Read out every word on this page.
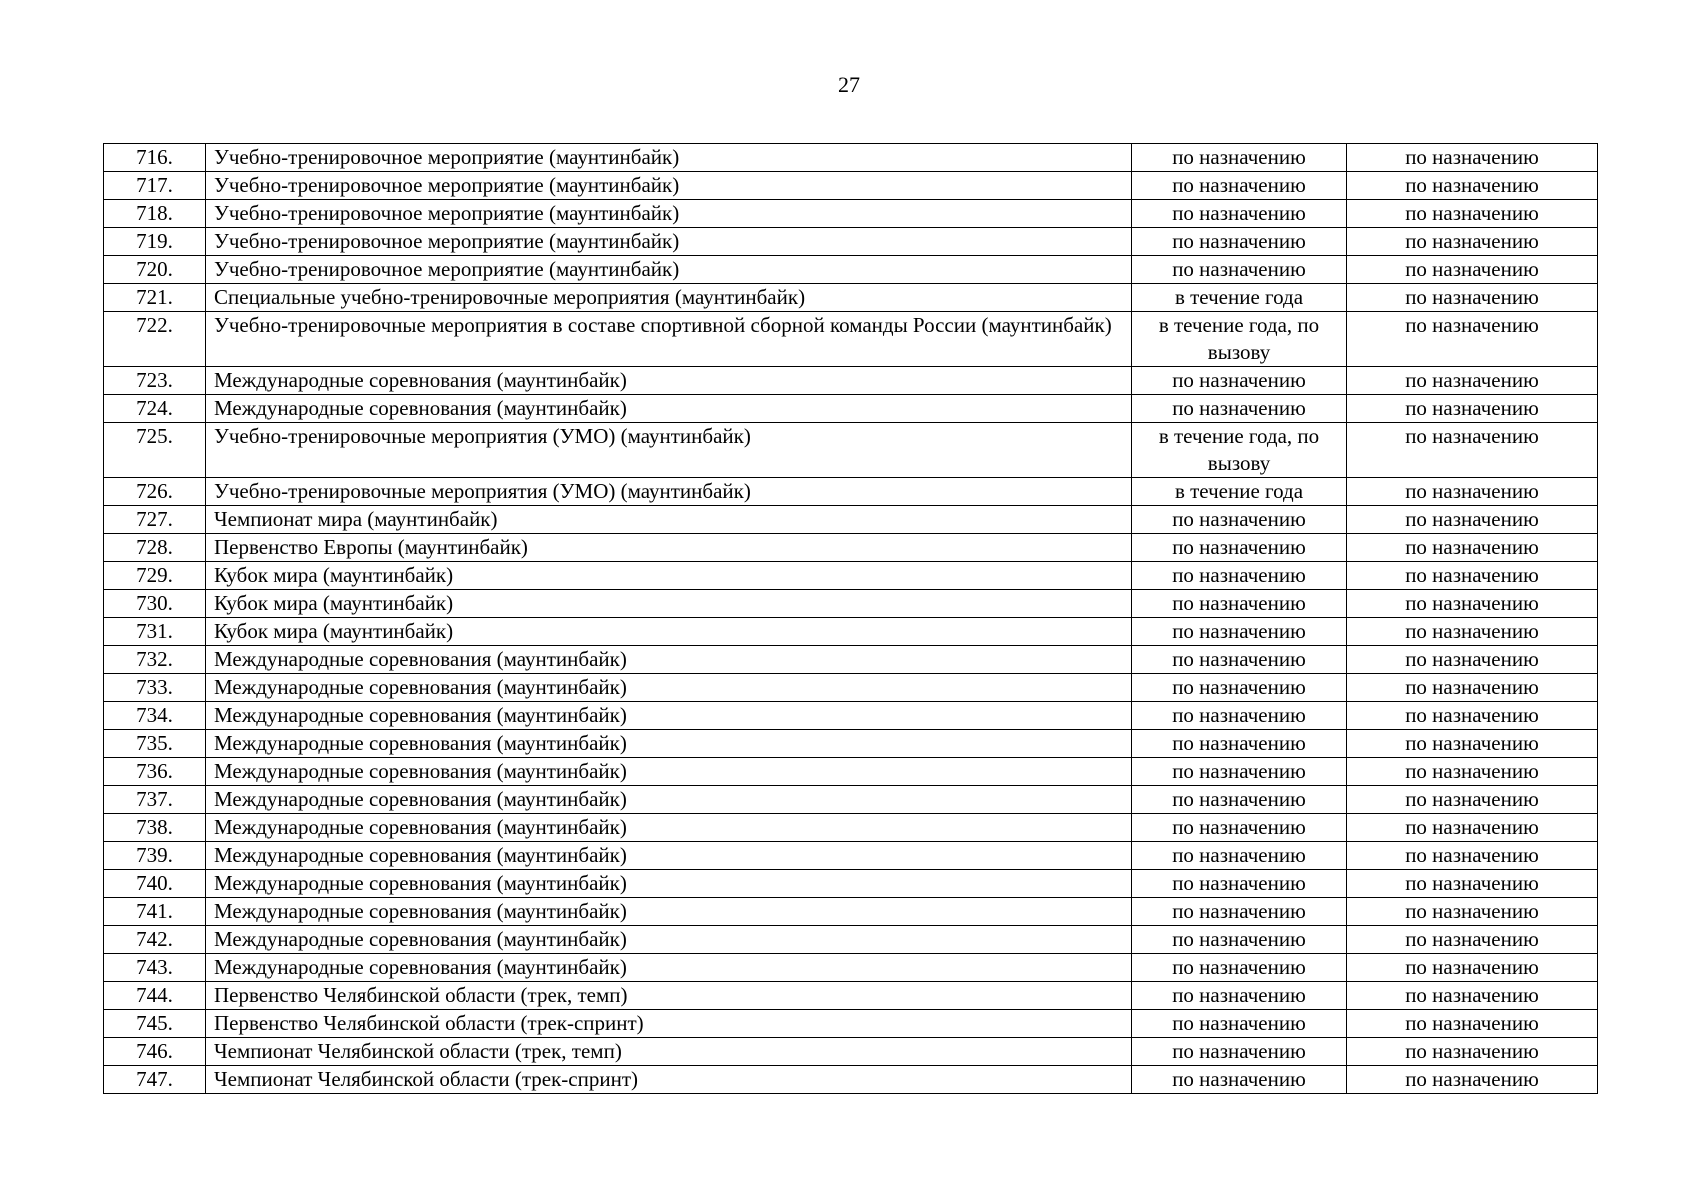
27
716.	Учебно-тренировочное мероприятие (маунтинбайк)	по назначению	по назначению
717.	Учебно-тренировочное мероприятие (маунтинбайк)	по назначению	по назначению
718.	Учебно-тренировочное мероприятие (маунтинбайк)	по назначению	по назначению
719.	Учебно-тренировочное мероприятие (маунтинбайк)	по назначению	по назначению
720.	Учебно-тренировочное мероприятие (маунтинбайк)	по назначению	по назначению
721.	Специальные учебно-тренировочные мероприятия (маунтинбайк)	в течение года	по назначению
722.	Учебно-тренировочные мероприятия в составе спортивной сборной команды России (маунтинбайк)	в течение года, по вызову	по назначению
723.	Международные соревнования (маунтинбайк)	по назначению	по назначению
724.	Международные соревнования (маунтинбайк)	по назначению	по назначению
725.	Учебно-тренировочные мероприятия (УМО) (маунтинбайк)	в течение года, по вызову	по назначению
726.	Учебно-тренировочные мероприятия (УМО) (маунтинбайк)	в течение года	по назначению
727.	Чемпионат мира (маунтинбайк)	по назначению	по назначению
728.	Первенство Европы (маунтинбайк)	по назначению	по назначению
729.	Кубок мира (маунтинбайк)	по назначению	по назначению
730.	Кубок мира (маунтинбайк)	по назначению	по назначению
731.	Кубок мира (маунтинбайк)	по назначению	по назначению
732.	Международные соревнования (маунтинбайк)	по назначению	по назначению
733.	Международные соревнования (маунтинбайк)	по назначению	по назначению
734.	Международные соревнования (маунтинбайк)	по назначению	по назначению
735.	Международные соревнования (маунтинбайк)	по назначению	по назначению
736.	Международные соревнования (маунтинбайк)	по назначению	по назначению
737.	Международные соревнования (маунтинбайк)	по назначению	по назначению
738.	Международные соревнования (маунтинбайк)	по назначению	по назначению
739.	Международные соревнования (маунтинбайк)	по назначению	по назначению
740.	Международные соревнования (маунтинбайк)	по назначению	по назначению
741.	Международные соревнования (маунтинбайк)	по назначению	по назначению
742.	Международные соревнования (маунтинбайк)	по назначению	по назначению
743.	Международные соревнования (маунтинбайк)	по назначению	по назначению
744.	Первенство Челябинской области (трек, темп)	по назначению	по назначению
745.	Первенство Челябинской области (трек-спринт)	по назначению	по назначению
746.	Чемпионат Челябинской области (трек, темп)	по назначению	по назначению
747.	Чемпионат Челябинской области (трек-спринт)	по назначению	по назначению
